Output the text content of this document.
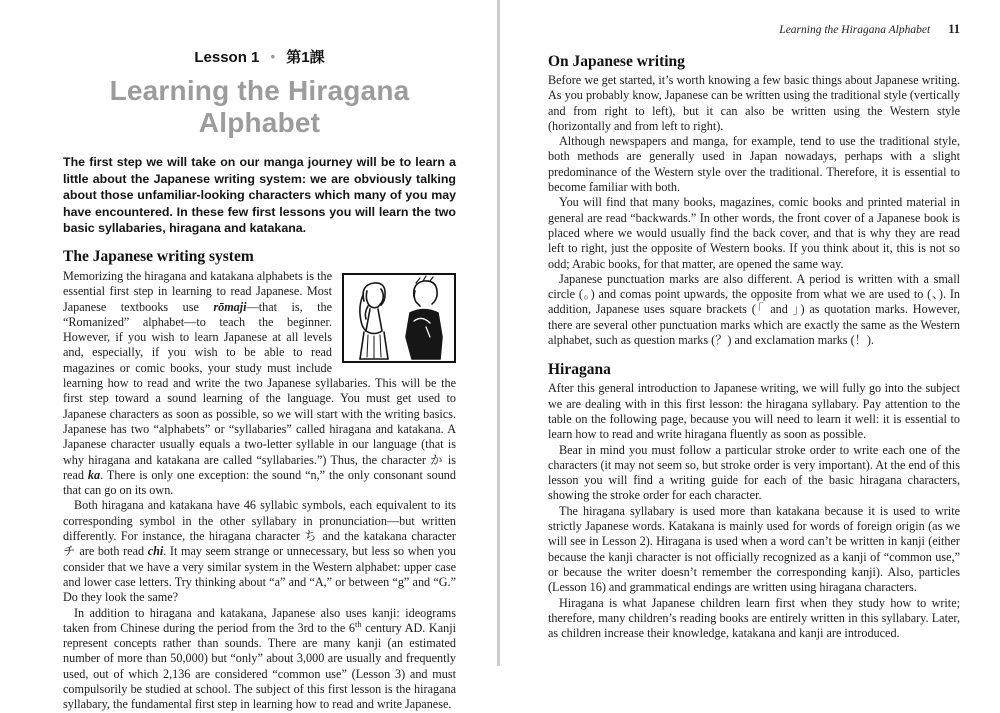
Lesson 1 • 第1課
Learning the Hiragana Alphabet

The first step we will take on our manga journey will be to learn a little about the Japanese writing system: we are obviously talking about those unfamiliar-looking characters which many of you may have encountered. In these few first lessons you will learn the two basic syllabaries, hiragana and katakana.

The Japanese writing system

Memorizing the hiragana and katakana alphabets is the essential first step in learning to read Japanese. Most Japanese textbooks use rōmaji—that is, the “Romanized” alphabet—to teach the beginner. However, if you wish to learn Japanese at all levels and, especially, if you wish to be able to read magazines or comic books, your study must include learning how to read and write the two Japanese syllabaries. This will be the first step toward a sound learning of the language. You must get used to Japanese characters as soon as possible, so we will start with the writing basics. Japanese has two “alphabets” or “syllabaries” called hiragana and katakana. A Japanese character usually equals a two-letter syllable in our language (that is why hiragana and katakana are called “syllabaries.”) Thus, the character か is read ka. There is only one exception: the sound “n,” the only consonant sound that can go on its own.

Both hiragana and katakana have 46 syllabic symbols, each equivalent to its corresponding symbol in the other syllabary in pronunciation—but written differently. For instance, the hiragana character ち and the katakana character チ are both read chi. It may seem strange or unnecessary, but less so when you consider that we have a very similar system in the Western alphabet: upper case and lower case letters. Try thinking about “a” and “A,” or between “g” and “G.” Do they look the same?

In addition to hiragana and katakana, Japanese also uses kanji: ideograms taken from Chinese during the period from the 3rd to the 6th century AD. Kanji represent concepts rather than sounds. There are many kanji (an estimated number of more than 50,000) but “only” about 3,000 are usually and frequently used, out of which 2,136 are considered “common use” (Lesson 3) and must compulsorily be studied at school. The subject of this first lesson is the hiragana syllabary, the fundamental first step in learning how to read and write Japanese.

Learning the Hiragana Alphabet 11
On Japanese writing

Before we get started, it’s worth knowing a few basic things about Japanese writing. As you probably know, Japanese can be written using the traditional style (vertically and from right to left), but it can also be written using the Western style (horizontally and from left to right).

Although newspapers and manga, for example, tend to use the traditional style, both methods are generally used in Japan nowadays, perhaps with a slight predominance of the Western style over the traditional. Therefore, it is essential to become familiar with both.

You will find that many books, magazines, comic books and printed material in general are read “backwards.” In other words, the front cover of a Japanese book is placed where we would usually find the back cover, and that is why they are read left to right, just the opposite of Western books. If you think about it, this is not so odd; Arabic books, for that matter, are opened the same way.

Japanese punctuation marks are also different. A period is written with a small circle (。) and comas point upwards, the opposite from what we are used to (、). In addition, Japanese uses square brackets (「 and 」) as quotation marks. However, there are several other punctuation marks which are exactly the same as the Western alphabet, such as question marks (？) and exclamation marks (！).

Hiragana

After this general introduction to Japanese writing, we will fully go into the subject we are dealing with in this first lesson: the hiragana syllabary. Pay attention to the table on the following page, because you will need to learn it well: it is essential to learn how to read and write hiragana fluently as soon as possible.

Bear in mind you must follow a particular stroke order to write each one of the characters (it may not seem so, but stroke order is very important). At the end of this lesson you will find a writing guide for each of the basic hiragana characters, showing the stroke order for each character.

The hiragana syllabary is used more than katakana because it is used to write strictly Japanese words. Katakana is mainly used for words of foreign origin (as we will see in Lesson 2). Hiragana is used when a word can’t be written in kanji (either because the kanji character is not officially recognized as a kanji of “common use,” or because the writer doesn’t remember the corresponding kanji). Also, particles (Lesson 16) and grammatical endings are written using hiragana characters.

Hiragana is what Japanese children learn first when they study how to write; therefore, many children’s reading books are entirely written in this syllabary. Later, as children increase their knowledge, katakana and kanji are introduced.
